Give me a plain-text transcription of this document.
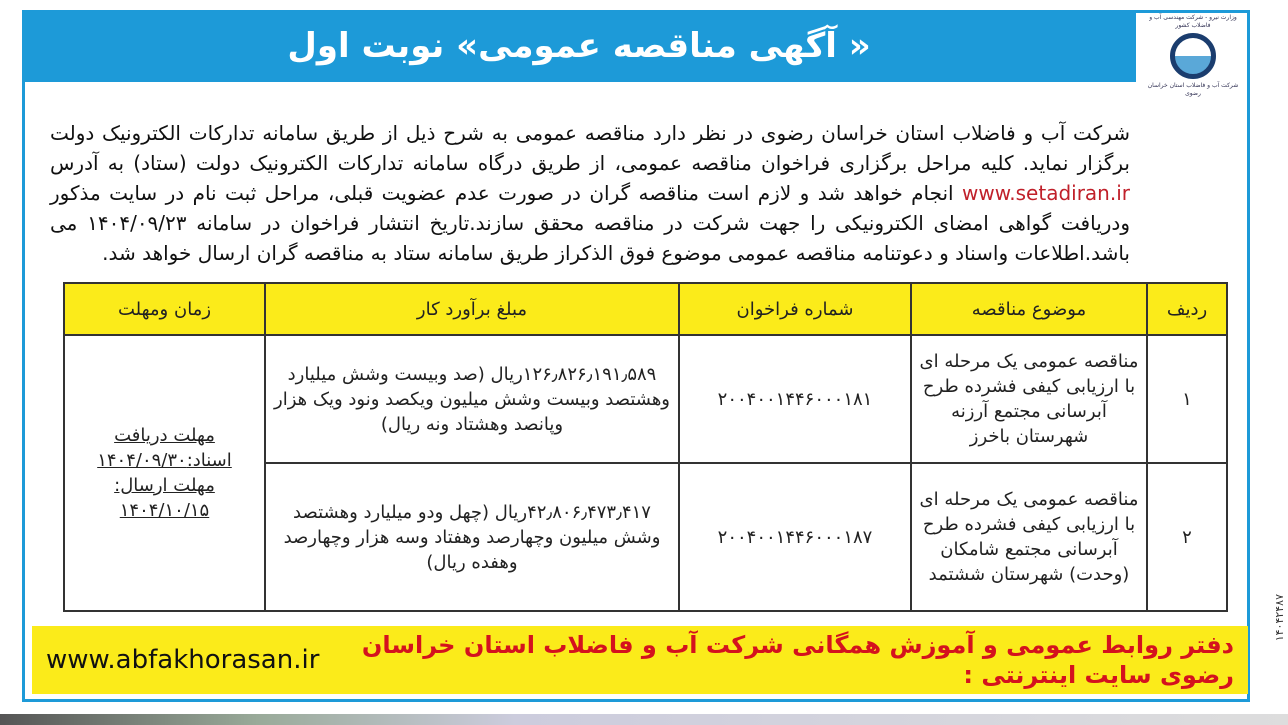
« آگهی مناقصه عمومی» نوبت اول
وزارت نیرو - شرکت مهندسی آب و فاضلاب کشور
شرکت آب و فاضلاب استان خراسان رضوی
شرکت آب و فاضلاب استان خراسان رضوی در نظر دارد مناقصه عمومی به شرح ذیل از طریق سامانه تدارکات الکترونیک دولت برگزار نماید. کلیه مراحل برگزاری فراخوان مناقصه عمومی، از طریق درگاه سامانه تدارکات الکترونیک دولت (ستاد) به آدرس www.setadiran.ir انجام خواهد شد و لازم است مناقصه گران در صورت عدم عضویت قبلی، مراحل ثبت نام در سایت مذکور ودریافت گواهی امضای الکترونیکی را جهت شرکت در مناقصه محقق سازند.تاریخ انتشار فراخوان در سامانه ۱۴۰۴/۰۹/۲۳ می باشد.اطلاعات واسناد و دعوتنامه مناقصه عمومی موضوع فوق الذکراز طریق سامانه ستاد به مناقصه گران ارسال خواهد شد.
ردیف	موضوع مناقصه	شماره فراخوان	مبلغ برآورد کار	زمان ومهلت
۱	مناقصه عمومی یک مرحله ای با ارزیابی کیفی فشرده طرح آبرسانی مجتمع آرزنه شهرستان باخرز	۲۰۰۴۰۰۱۴۴۶۰۰۰۱۸۱	۱۲۶٫۸۲۶٫۱۹۱٫۵۸۹ریال (صد وبیست وشش میلیارد وهشتصد وبیست وشش میلیون ویکصد ونود ویک هزار وپانصد وهشتاد ونه ریال)	مهلت دریافت
اسناد:۱۴۰۴/۰۹/۳۰
مهلت ارسال:
۱۴۰۴/۱۰/۱۵

۲	مناقصه عمومی یک مرحله ای با ارزیابی کیفی فشرده طرح آبرسانی مجتمع شامکان (وحدت) شهرستان ششتمد	۲۰۰۴۰۰۱۴۴۶۰۰۰۱۸۷	۴۲٫۸۰۶٫۴۷۳٫۴۱۷ریال (چهل ودو میلیارد وهشتصد وشش میلیون وچهارصد وهفتاد وسه هزار وچهارصد وهفده ریال)	
دفتر روابط عمومی و آموزش همگانی شرکت آب و فاضلاب استان خراسان رضوی سایت اینترنتی :
www.abfakhorasan.ir
۱۴۰۴۲۴۸۷
